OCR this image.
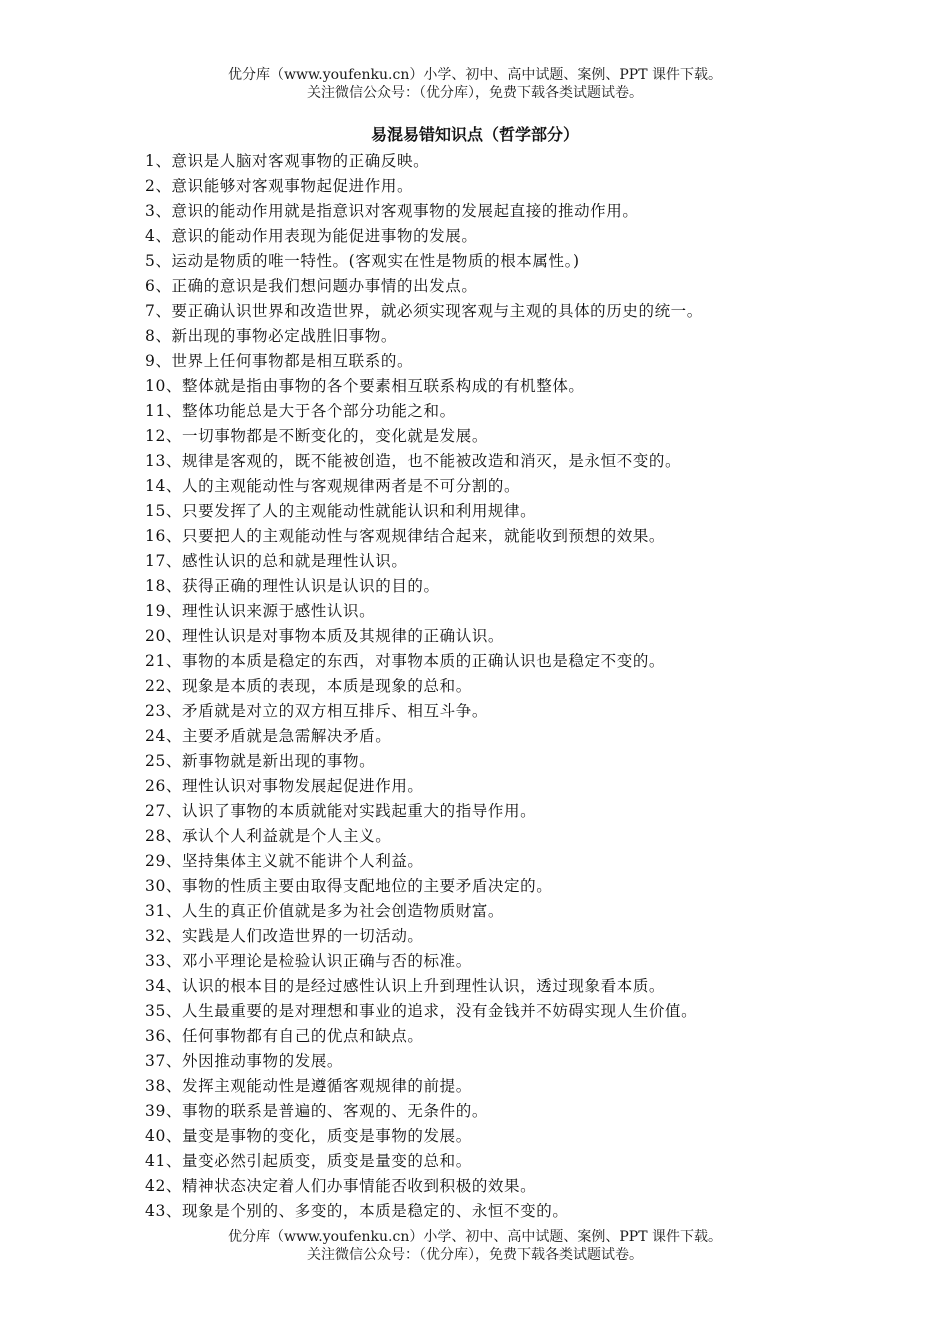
优分库（www.youfenku.cn）小学、初中、高中试题、案例、PPT 课件下载。
关注微信公众号：（优分库），免费下载各类试题试卷。
易混易错知识点（哲学部分）
1、意识是人脑对客观事物的正确反映。
2、意识能够对客观事物起促进作用。
3、意识的能动作用就是指意识对客观事物的发展起直接的推动作用。
4、意识的能动作用表现为能促进事物的发展。
5、运动是物质的唯一特性。(客观实在性是物质的根本属性。)
6、正确的意识是我们想问题办事情的出发点。
7、要正确认识世界和改造世界，就必须实现客观与主观的具体的历史的统一。
8、新出现的事物必定战胜旧事物。
9、世界上任何事物都是相互联系的。
10、整体就是指由事物的各个要素相互联系构成的有机整体。
11、整体功能总是大于各个部分功能之和。
12、一切事物都是不断变化的，变化就是发展。
13、规律是客观的，既不能被创造，也不能被改造和消灭，是永恒不变的。
14、人的主观能动性与客观规律两者是不可分割的。
15、只要发挥了人的主观能动性就能认识和利用规律。
16、只要把人的主观能动性与客观规律结合起来，就能收到预想的效果。
17、感性认识的总和就是理性认识。
18、获得正确的理性认识是认识的目的。
19、理性认识来源于感性认识。
20、理性认识是对事物本质及其规律的正确认识。
21、事物的本质是稳定的东西，对事物本质的正确认识也是稳定不变的。
22、现象是本质的表现，本质是现象的总和。
23、矛盾就是对立的双方相互排斥、相互斗争。
24、主要矛盾就是急需解决矛盾。
25、新事物就是新出现的事物。
26、理性认识对事物发展起促进作用。
27、认识了事物的本质就能对实践起重大的指导作用。
28、承认个人利益就是个人主义。
29、坚持集体主义就不能讲个人利益。
30、事物的性质主要由取得支配地位的主要矛盾决定的。
31、人生的真正价值就是多为社会创造物质财富。
32、实践是人们改造世界的一切活动。
33、邓小平理论是检验认识正确与否的标准。
34、认识的根本目的是经过感性认识上升到理性认识，透过现象看本质。
35、人生最重要的是对理想和事业的追求，没有金钱并不妨碍实现人生价值。
36、任何事物都有自己的优点和缺点。
37、外因推动事物的发展。
38、发挥主观能动性是遵循客观规律的前提。
39、事物的联系是普遍的、客观的、无条件的。
40、量变是事物的变化，质变是事物的发展。
41、量变必然引起质变，质变是量变的总和。
42、精神状态决定着人们办事情能否收到积极的效果。
43、现象是个别的、多变的，本质是稳定的、永恒不变的。
优分库（www.youfenku.cn）小学、初中、高中试题、案例、PPT 课件下载。
关注微信公众号：（优分库），免费下载各类试题试卷。
